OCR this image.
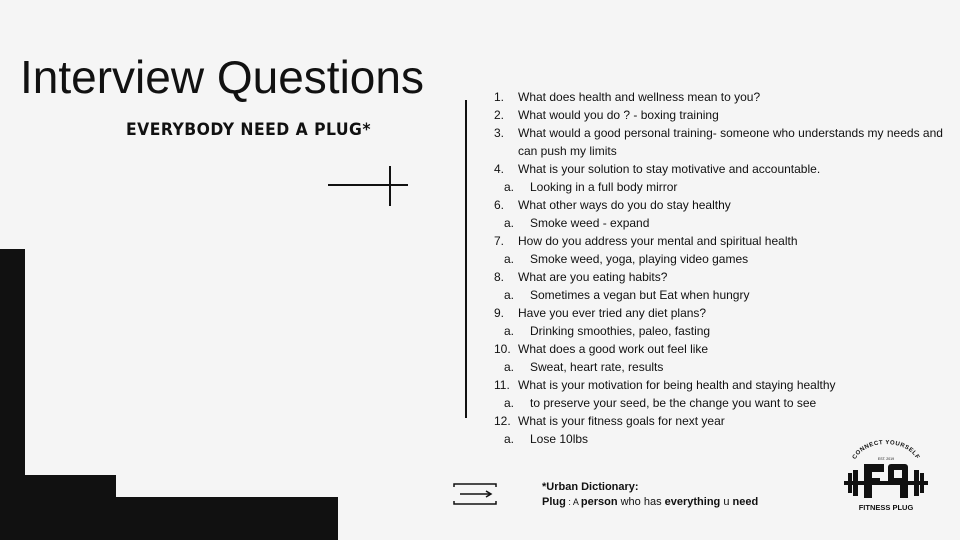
Interview Questions
EVERYBODY NEED A PLUG*
1.	What does health and wellness mean to you?
2.	What would you do ? - boxing training
3.	What would a good personal training- someone who understands my needs and can push my limits
4.	What is your solution to stay motivative and accountable.
a.	Looking in a full body mirror
6.	What other ways do you do stay healthy
a.	Smoke weed - expand
7.	How do you address your mental and spiritual health
a.	Smoke weed, yoga, playing video games
8.	What are you eating habits?
a.	Sometimes a vegan but Eat when hungry
9.	Have you ever tried any diet plans?
a.	Drinking smoothies, paleo, fasting
10. What does a good work out feel like
a.	Sweat, heart rate, results
11. What is your motivation for being health and staying healthy
a.	to preserve your seed, be the change you want to see
12. What is your fitness goals for next year
a.	Lose 10lbs
*Urban Dictionary:
Plug : A person who has everything u need
CONNECT YOURSELF
EST. 2019
FITNESS PLUG
